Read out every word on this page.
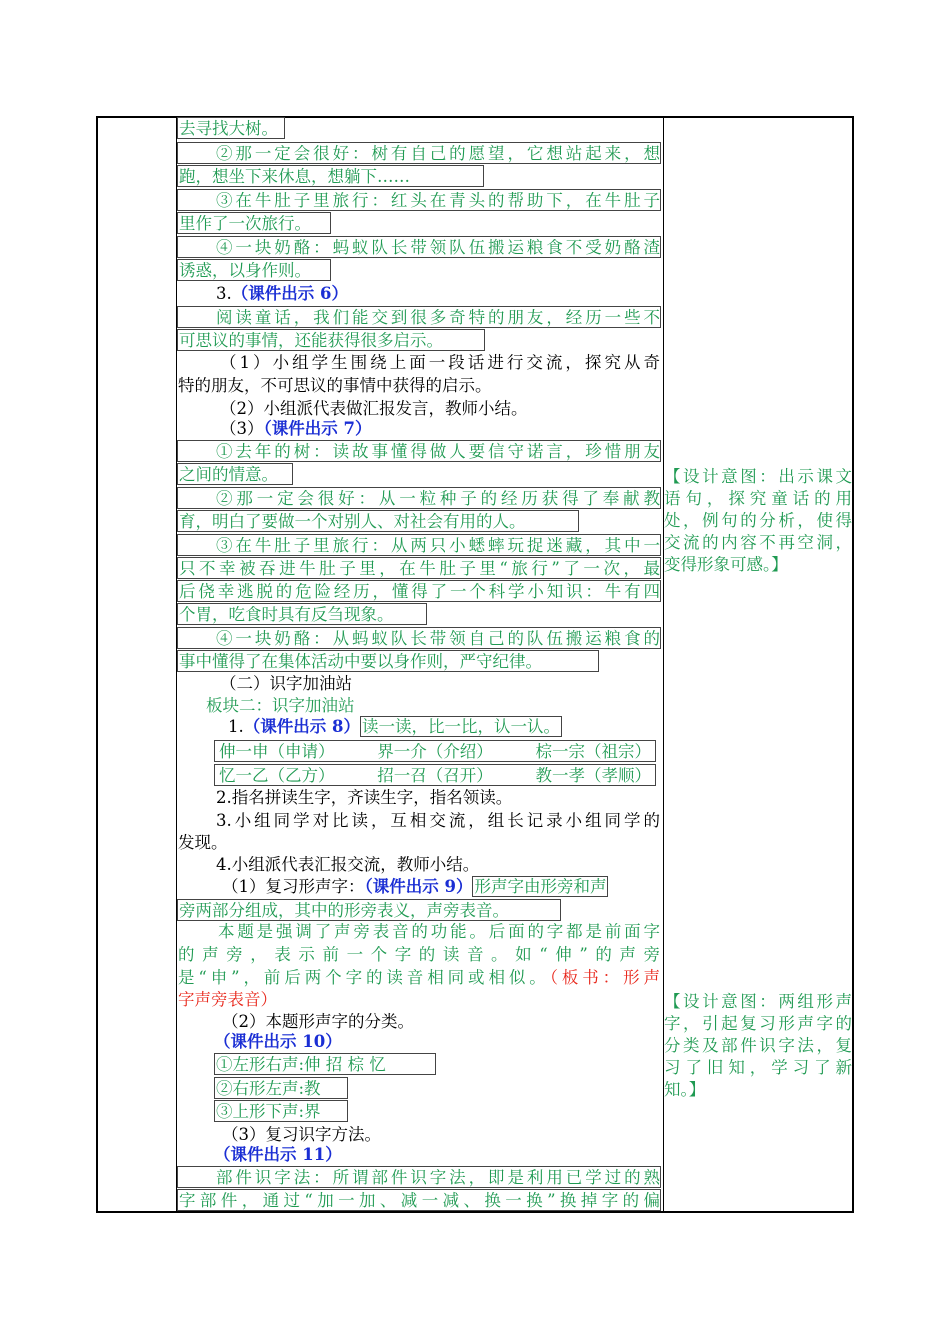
去寻找大树。
②那一定会很好：树有自己的愿望，它想站起来，想
跑，想坐下来休息，想躺下……
③在牛肚子里旅行：红头在青头的帮助下，在牛肚子
里作了一次旅行。
④一块奶酪：蚂蚁队长带领队伍搬运粮食不受奶酪渣
诱惑，以身作则。
3.（课件出示 6）
阅读童话，我们能交到很多奇特的朋友，经历一些不
可思议的事情，还能获得很多启示。
（1）小组学生围绕上面一段话进行交流，探究从奇
特的朋友，不可思议的事情中获得的启示。
（2）小组派代表做汇报发言，教师小结。
（3）（课件出示 7）
①去年的树：读故事懂得做人要信守诺言，珍惜朋友
之间的情意。
②那一定会很好：从一粒种子的经历获得了奉献教
育，明白了要做一个对别人、对社会有用的人。
③在牛肚子里旅行：从两只小蟋蟀玩捉迷藏，其中一
只不幸被吞进牛肚子里，在牛肚子里“旅行”了一次，最
后侥幸逃脱的危险经历，懂得了一个科学小知识：牛有四
个胃，吃食时具有反刍现象。
④一块奶酪：从蚂蚁队长带领自己的队伍搬运粮食的
事中懂得了在集体活动中要以身作则，严守纪律。
（二）识字加油站
板块二：识字加油站
1.（课件出示 8） 读一读，比一比，认一认。
伸一申（申请）	界一介（介绍）	棕一宗（祖宗）
忆一乙（乙方）	招一召（召开）	教一孝（孝顺）
2.指名拼读生字，齐读生字，指名领读。
3.小组同学对比读，互相交流，组长记录小组同学的
发现。
4.小组派代表汇报交流，教师小结。
（1）复习形声字：（课件出示 9） 形声字由形旁和声
旁两部分组成，其中的形旁表义，声旁表音。
本题是强调了声旁表音的功能。后面的字都是前面字
的声旁，表示前一个字的读音。如“伸”的声旁
是“申”，前后两个字的读音相同或相似。（板书：形声
字声旁表音）
（2）本题形声字的分类。
（课件出示 10）
①左形右声:伸 招 棕 忆
②右形左声:教
③上形下声:界
（3）复习识字方法。
（课件出示 11）
部件识字法：所谓部件识字法，即是利用已学过的熟
字部件，通过“加一加、减一减、换一换”换掉字的偏
【设计意图：出示课文
语句，探究童话的用
处，例句的分析，使得
交流的内容不再空洞，
变得形象可感。】
【设计意图：两组形声
字，引起复习形声字的
分类及部件识字法，复
习了旧知，学习了新
知。】
